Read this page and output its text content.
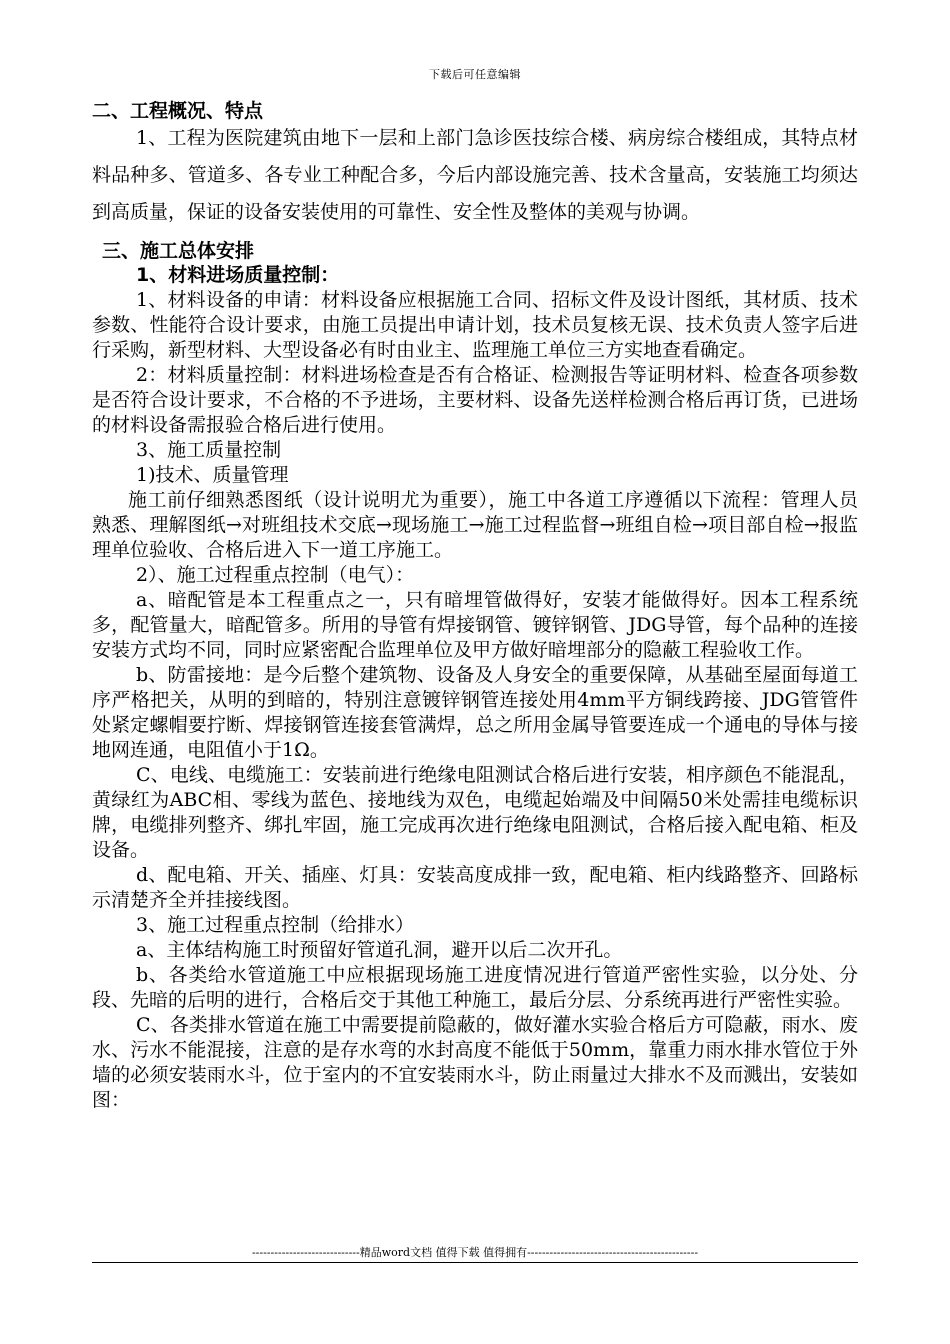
下载后可任意编辑
二、工程概况、特点

1、工程为医院建筑由地下一层和上部门急诊医技综合楼、病房综合楼组成，其特点材料品种多、管道多、各专业工种配合多，今后内部设施完善、技术含量高，安装施工均须达到高质量，保证的设备安装使用的可靠性、安全性及整体的美观与协调。

三、施工总体安排
1、材料进场质量控制：

1、材料设备的申请：材料设备应根据施工合同、招标文件及设计图纸，其材质、技术参数、性能符合设计要求，由施工员提出申请计划，技术员复核无误、技术负责人签字后进行采购，新型材料、大型设备必有时由业主、监理施工单位三方实地查看确定。

2：材料质量控制：材料进场检查是否有合格证、检测报告等证明材料、检查各项参数是否符合设计要求，不合格的不予进场，主要材料、设备先送样检测合格后再订货，已进场的材料设备需报验合格后进行使用。

3、施工质量控制

1)技术、质量管理

施工前仔细熟悉图纸（设计说明尤为重要），施工中各道工序遵循以下流程：管理人员熟悉、理解图纸→对班组技术交底→现场施工→施工过程监督→班组自检→项目部自检→报监理单位验收、合格后进入下一道工序施工。

2）、施工过程重点控制（电气）：

a、暗配管是本工程重点之一，只有暗埋管做得好，安装才能做得好。因本工程系统多，配管量大，暗配管多。所用的导管有焊接钢管、镀锌钢管、JDG导管，每个品种的连接安装方式均不同，同时应紧密配合监理单位及甲方做好暗埋部分的隐蔽工程验收工作。

b、防雷接地：是今后整个建筑物、设备及人身安全的重要保障，从基础至屋面每道工序严格把关，从明的到暗的，特别注意镀锌钢管连接处用4mm平方铜线跨接、JDG管管件处紧定螺帽要拧断、焊接钢管连接套管满焊，总之所用金属导管要连成一个通电的导体与接地网连通，电阻值小于1Ω。

C、电线、电缆施工：安装前进行绝缘电阻测试合格后进行安装，相序颜色不能混乱，黄绿红为ABC相、零线为蓝色、接地线为双色，电缆起始端及中间隔50米处需挂电缆标识牌，电缆排列整齐、绑扎牢固，施工完成再次进行绝缘电阻测试，合格后接入配电箱、柜及设备。

d、配电箱、开关、插座、灯具：安装高度成排一致，配电箱、柜内线路整齐、回路标示清楚齐全并挂接线图。

3、施工过程重点控制（给排水）

a、主体结构施工时预留好管道孔洞，避开以后二次开孔。

b、各类给水管道施工中应根据现场施工进度情况进行管道严密性实验，以分处、分段、先暗的后明的进行，合格后交于其他工种施工，最后分层、分系统再进行严密性实验。

C、各类排水管道在施工中需要提前隐蔽的，做好灌水实验合格后方可隐蔽，雨水、废水、污水不能混接，注意的是存水弯的水封高度不能低于50mm，靠重力雨水排水管位于外墙的必须安装雨水斗，位于室内的不宜安装雨水斗，防止雨量过大排水不及而溅出，安装如图：

-----------------------------精品word文档 值得下载 值得拥有----------------------------------------------
